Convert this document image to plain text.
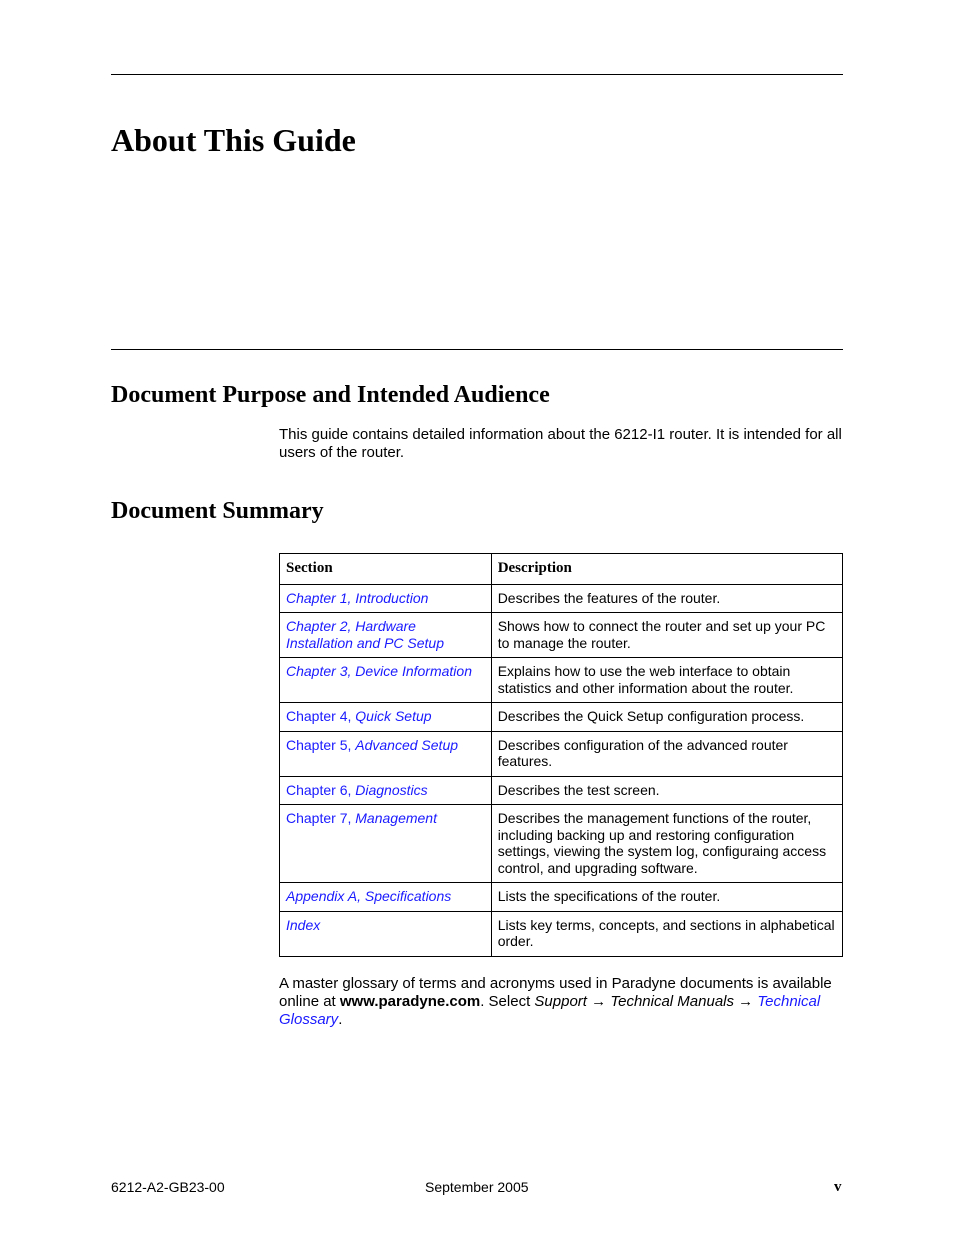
About This Guide
Document Purpose and Intended Audience

This guide contains detailed information about the 6212-I1 router. It is intended for all users of the router.

Document Summary
Section	Description
Chapter 1, Introduction	Describes the features of the router.
Chapter 2, Hardware Installation and PC Setup	Shows how to connect the router and set up your PC to manage the router.
Chapter 3, Device Information	Explains how to use the web interface to obtain statistics and other information about the router.
Chapter 4, Quick Setup	Describes the Quick Setup configuration process.
Chapter 5, Advanced Setup	Describes configuration of the advanced router features.
Chapter 6, Diagnostics	Describes the test screen.
Chapter 7, Management	Describes the management functions of the router, including backing up and restoring configuration settings, viewing the system log, configuraing access control, and upgrading software.
Appendix A, Specifications	Lists the specifications of the router.
Index	Lists key terms, concepts, and sections in alphabetical order.

A master glossary of terms and acronyms used in Paradyne documents is available online at www.paradyne.com. Select Support → Technical Manuals → Technical Glossary.

6212-A2-GB23-00	September 2005	v
